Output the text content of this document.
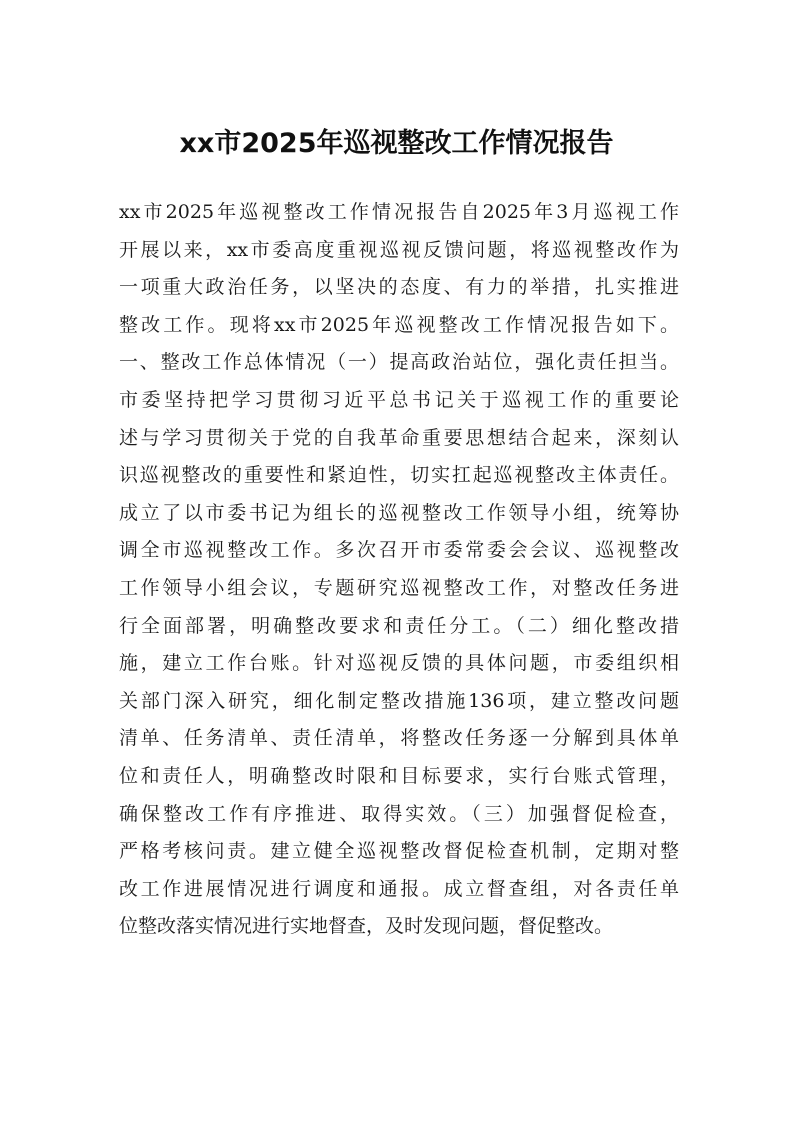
xx市2025年巡视整改工作情况报告
xx市2025年巡视整改工作情况报告自2025年3月巡视工作
开展以来，xx市委高度重视巡视反馈问题，将巡视整改作为
一项重大政治任务，以坚决的态度、有力的举措，扎实推进
整改工作。现将xx市2025年巡视整改工作情况报告如下。
一、整改工作总体情况（一）提高政治站位，强化责任担当。
市委坚持把学习贯彻习近平总书记关于巡视工作的重要论
述与学习贯彻关于党的自我革命重要思想结合起来，深刻认
识巡视整改的重要性和紧迫性，切实扛起巡视整改主体责任。
成立了以市委书记为组长的巡视整改工作领导小组，统筹协
调全市巡视整改工作。多次召开市委常委会会议、巡视整改
工作领导小组会议，专题研究巡视整改工作，对整改任务进
行全面部署，明确整改要求和责任分工。（二）细化整改措
施，建立工作台账。针对巡视反馈的具体问题，市委组织相
关部门深入研究，细化制定整改措施136项，建立整改问题
清单、任务清单、责任清单，将整改任务逐一分解到具体单
位和责任人，明确整改时限和目标要求，实行台账式管理，
确保整改工作有序推进、取得实效。（三）加强督促检查，
严格考核问责。建立健全巡视整改督促检查机制，定期对整
改工作进展情况进行调度和通报。成立督查组，对各责任单
位整改落实情况进行实地督查，及时发现问题，督促整改。
